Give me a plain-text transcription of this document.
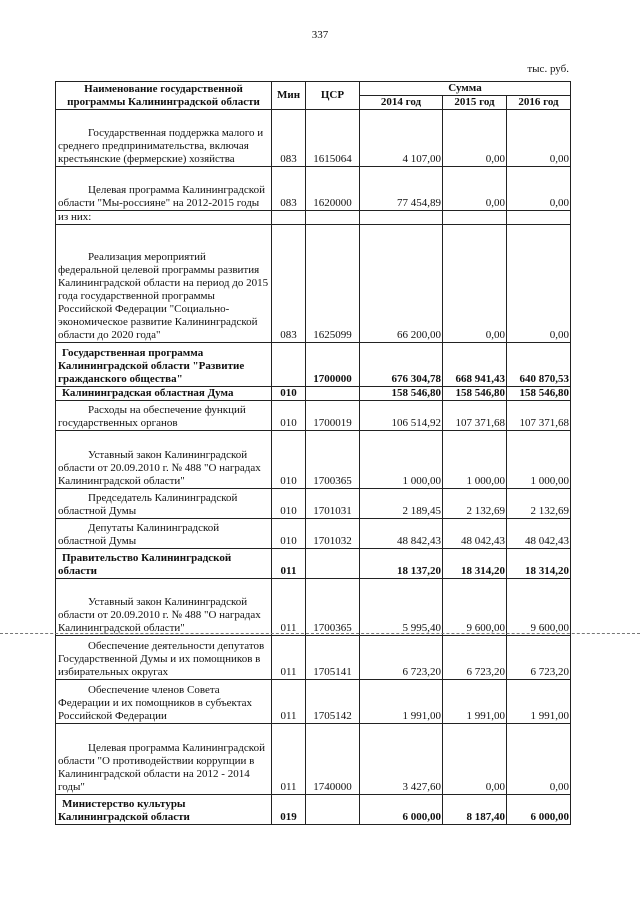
337
тыс. руб.
Наименование государственной программы Калининградской области	Мин	ЦСР	Сумма		
			2014 год	2015 год	2016 год
Государственная поддержка малого и среднего предпринимательства, включая крестьянские (фермерские) хозяйства	083	1615064	4 107,00	0,00	0,00
Целевая программа Калининградской области "Мы-россияне" на 2012-2015 годы	083	1620000	77 454,89	0,00	0,00
из них:					
Реализация мероприятий федеральной целевой программы развития Калининградской области на период до 2015 года государственной программы Российской Федерации "Социально-экономическое развитие Калининградской области до 2020 года"	083	1625099	66 200,00	0,00	0,00
Государственная программа Калининградской области "Развитие гражданского общества"		1700000	676 304,78	668 941,43	640 870,53
Калининградская областная Дума	010		158 546,80	158 546,80	158 546,80
Расходы на обеспечение функций государственных органов	010	1700019	106 514,92	107 371,68	107 371,68
Уставный закон Калининградской области от 20.09.2010 г. № 488 "О наградах Калининградской области"	010	1700365	1 000,00	1 000,00	1 000,00
Председатель Калининградской областной Думы	010	1701031	2 189,45	2 132,69	2 132,69
Депутаты Калининградской областной Думы	010	1701032	48 842,43	48 042,43	48 042,43
Правительство Калининградской области	011		18 137,20	18 314,20	18 314,20
Уставный закон Калининградской области от 20.09.2010 г. № 488 "О наградах Калининградской области"	011	1700365	5 995,40	9 600,00	9 600,00
Обеспечение деятельности депутатов Государственной Думы и их помощников в избирательных округах	011	1705141	6 723,20	6 723,20	6 723,20
Обеспечение членов Совета Федерации и их помощников в субъектах Российской Федерации	011	1705142	1 991,00	1 991,00	1 991,00
Целевая программа Калининградской области "О противодействии коррупции в Калининградской области на 2012 - 2014 годы"	011	1740000	3 427,60	0,00	0,00
Министерство культуры Калининградской области	019		6 000,00	8 187,40	6 000,00
